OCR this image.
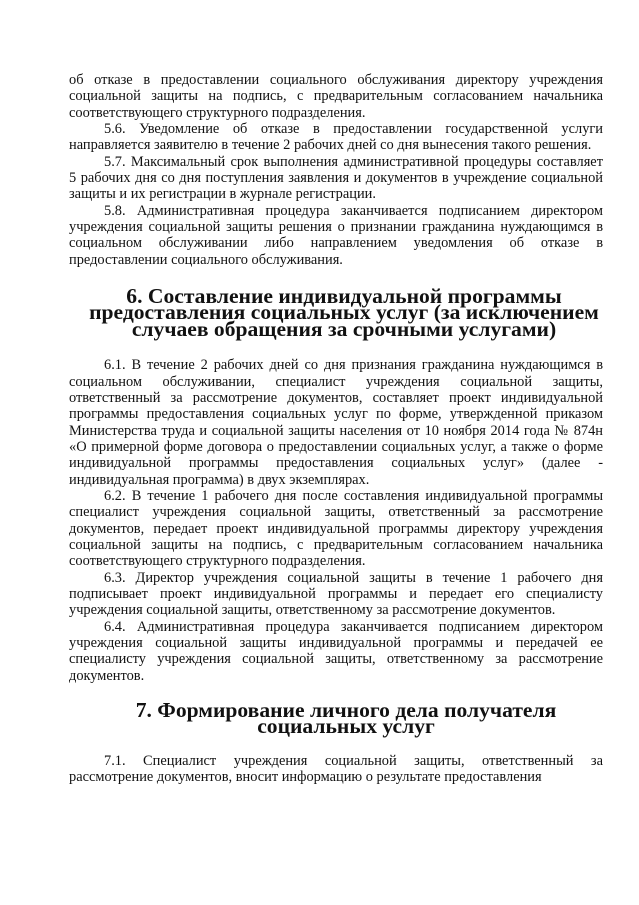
об отказе в предоставлении социального обслуживания директору учреждения социальной защиты на подпись, с предварительным согласованием начальника соответствующего структурного подразделения.

5.6. Уведомление об отказе в предоставлении государственной услуги направляется заявителю в течение 2 рабочих дней со дня вынесения такого решения.

5.7. Максимальный срок выполнения административной процедуры составляет 5 рабочих дня со дня поступления заявления и документов в учреждение социальной защиты и их регистрации в журнале регистрации.

5.8. Административная процедура заканчивается подписанием директором учреждения социальной защиты решения о признании гражданина нуждающимся в социальном обслуживании либо направлением уведомления об отказе в предоставлении социального обслуживания.

6. Составление индивидуальной программы предоставления социальных услуг (за исключением случаев обращения за срочными услугами)

6.1. В течение 2 рабочих дней со дня признания гражданина нуждающимся в социальном обслуживании, специалист учреждения социальной защиты, ответственный за рассмотрение документов, составляет проект индивидуальной программы предоставления социальных услуг по форме, утвержденной приказом Министерства труда и социальной защиты населения от 10 ноября 2014 года № 874н «О примерной форме договора о предоставлении социальных услуг, а также о форме индивидуальной программы предоставления социальных услуг» (далее - индивидуальная программа) в двух экземплярах.

6.2. В течение 1 рабочего дня после составления индивидуальной программы специалист учреждения социальной защиты, ответственный за рассмотрение документов, передает проект индивидуальной программы директору учреждения социальной защиты на подпись, с предварительным согласованием начальника соответствующего структурного подразделения.

6.3. Директор учреждения социальной защиты в течение 1 рабочего дня подписывает проект индивидуальной программы и передает его специалисту учреждения социальной защиты, ответственному за рассмотрение документов.

6.4. Административная процедура заканчивается подписанием директором учреждения социальной защиты индивидуальной программы и передачей ее специалисту учреждения социальной защиты, ответственному за рассмотрение документов.

7. Формирование личного дела получателя социальных услуг

7.1. Специалист учреждения социальной защиты, ответственный за рассмотрение документов, вносит информацию о результате предоставления
